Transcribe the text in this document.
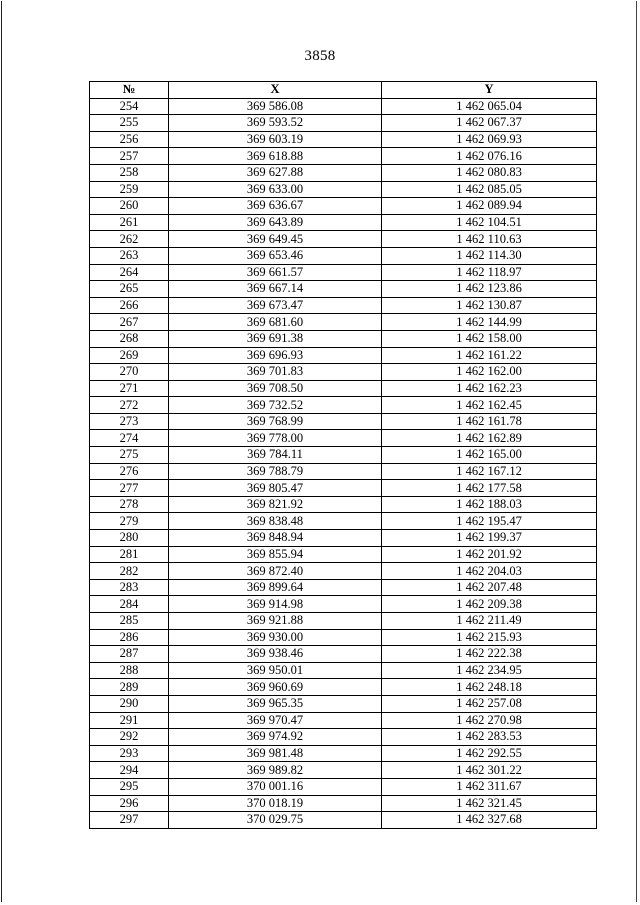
3858
№	X	Y
254	369 586.08	1 462 065.04
255	369 593.52	1 462 067.37
256	369 603.19	1 462 069.93
257	369 618.88	1 462 076.16
258	369 627.88	1 462 080.83
259	369 633.00	1 462 085.05
260	369 636.67	1 462 089.94
261	369 643.89	1 462 104.51
262	369 649.45	1 462 110.63
263	369 653.46	1 462 114.30
264	369 661.57	1 462 118.97
265	369 667.14	1 462 123.86
266	369 673.47	1 462 130.87
267	369 681.60	1 462 144.99
268	369 691.38	1 462 158.00
269	369 696.93	1 462 161.22
270	369 701.83	1 462 162.00
271	369 708.50	1 462 162.23
272	369 732.52	1 462 162.45
273	369 768.99	1 462 161.78
274	369 778.00	1 462 162.89
275	369 784.11	1 462 165.00
276	369 788.79	1 462 167.12
277	369 805.47	1 462 177.58
278	369 821.92	1 462 188.03
279	369 838.48	1 462 195.47
280	369 848.94	1 462 199.37
281	369 855.94	1 462 201.92
282	369 872.40	1 462 204.03
283	369 899.64	1 462 207.48
284	369 914.98	1 462 209.38
285	369 921.88	1 462 211.49
286	369 930.00	1 462 215.93
287	369 938.46	1 462 222.38
288	369 950.01	1 462 234.95
289	369 960.69	1 462 248.18
290	369 965.35	1 462 257.08
291	369 970.47	1 462 270.98
292	369 974.92	1 462 283.53
293	369 981.48	1 462 292.55
294	369 989.82	1 462 301.22
295	370 001.16	1 462 311.67
296	370 018.19	1 462 321.45
297	370 029.75	1 462 327.68
